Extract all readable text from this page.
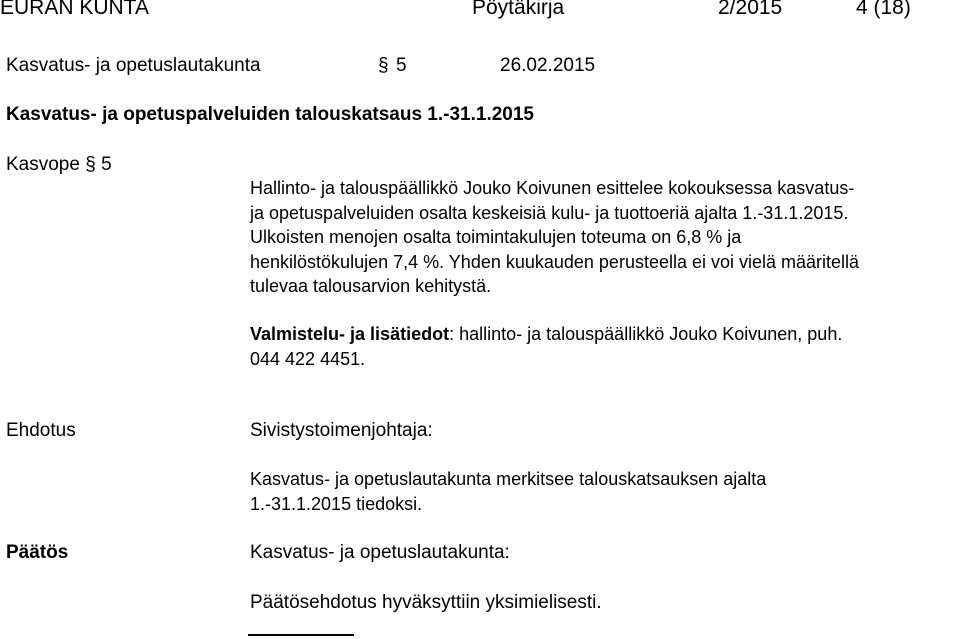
EURAN KUNTA	Pöytäkirja	2/2015	4 (18)
Kasvatus- ja opetuslautakunta	§ 5	26.02.2015
Kasvatus- ja opetuspalveluiden talouskatsaus 1.-31.1.2015
Kasvope § 5
Hallinto- ja talouspäällikkö Jouko Koivunen esittelee kokouksessa kasvatus-
ja opetuspalveluiden osalta keskeisiä kulu- ja tuottoeriä ajalta 1.-31.1.2015.
Ulkoisten menojen osalta toimintakulujen toteuma on 6,8 % ja
henkilöstökulujen 7,4 %. Yhden kuukauden perusteella ei voi vielä määritellä
tulevaa talousarvion kehitystä.
Valmistelu- ja lisätiedot: hallinto- ja talouspäällikkö Jouko Koivunen, puh.
044 422 4451.
Ehdotus	Sivistystoimenjohtaja:
Kasvatus- ja opetuslautakunta merkitsee talouskatsauksen ajalta
1.-31.1.2015 tiedoksi.
Päätös	Kasvatus- ja opetuslautakunta:
Päätösehdotus hyväksyttiin yksimielisesti.
